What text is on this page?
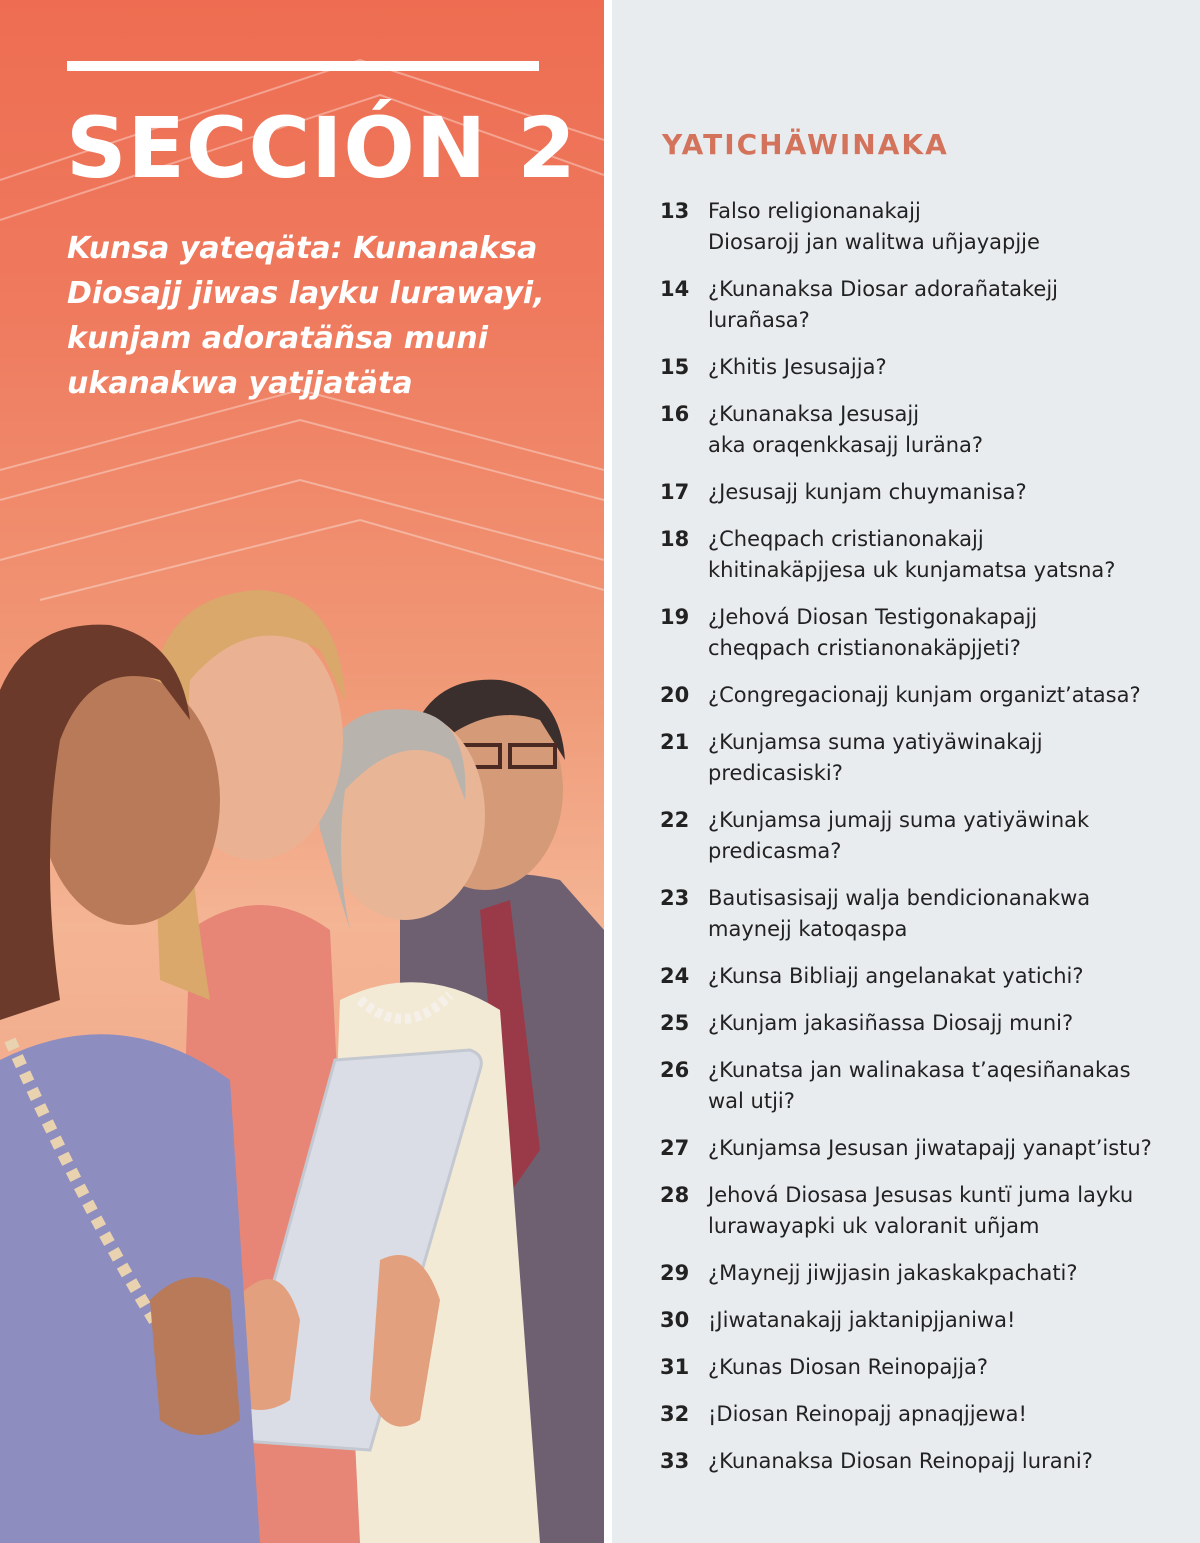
SECCIÓN 2

Kunsa yateqäta: Kunanaksa Diosajj jiwas layku lurawayi, kunjam adoratäñsa muni ukanakwa yatjjatäta

YATICHÄWINAKA
13 Falso religionanakajj
Diosarojj jan walitwa uñjayapjje
14 ¿Kunanaksa Diosar adorañatakejj
lurañasa?
15 ¿Khitis Jesusajja?
16 ¿Kunanaksa Jesusajj
aka oraqenkkasajj luräna?
17 ¿Jesusajj kunjam chuymanisa?
18 ¿Cheqpach cristianonakajj
khitinakäpjjesa uk kunjamatsa yatsna?
19 ¿Jehová Diosan Testigonakapajj
cheqpach cristianonakäpjjeti?
20 ¿Congregacionajj kunjam organizt’atasa?
21 ¿Kunjamsa suma yatiyäwinakajj
predicasiski?
22 ¿Kunjamsa jumajj suma yatiyäwinak
predicasma?
23 Bautisasisajj walja bendicionanakwa
maynejj katoqaspa
24 ¿Kunsa Bibliajj angelanakat yatichi?
25 ¿Kunjam jakasiñassa Diosajj muni?
26 ¿Kunatsa jan walinakasa t’aqesiñanakas
wal utji?
27 ¿Kunjamsa Jesusan jiwatapajj yanapt’istu?
28 Jehová Diosasa Jesusas kuntï juma layku
lurawayapki uk valoranit uñjam
29 ¿Maynejj jiwjjasin jakaskakpachati?
30 ¡Jiwatanakajj jaktanipjjaniwa!
31 ¿Kunas Diosan Reinopajja?
32 ¡Diosan Reinopajj apnaqjjewa!
33 ¿Kunanaksa Diosan Reinopajj lurani?
